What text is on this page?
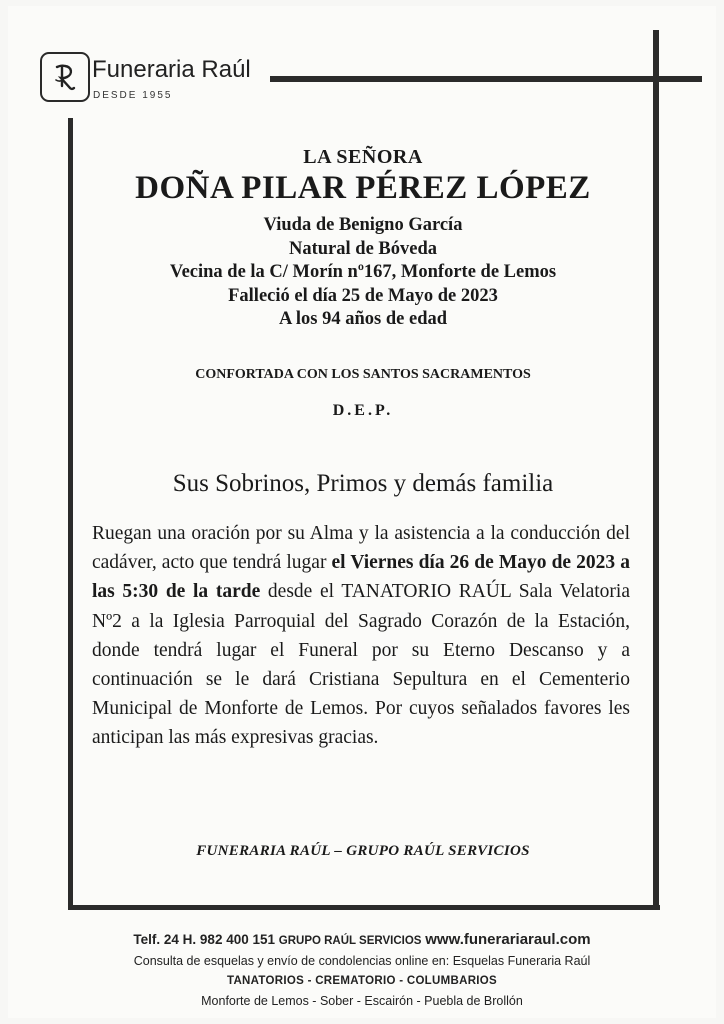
Funeraria Raúl
DESDE 1955
LA SEÑORA
DOÑA PILAR PÉREZ LÓPEZ
Viuda de Benigno García
Natural de Bóveda
Vecina de la C/ Morín nº167, Monforte de Lemos
Falleció el día 25 de Mayo de 2023
A los 94 años de edad
CONFORTADA CON LOS SANTOS SACRAMENTOS
D.E.P.
Sus Sobrinos, Primos y demás familia
Ruegan una oración por su Alma y la asistencia a la conducción del cadáver, acto que tendrá lugar el Viernes día 26 de Mayo de 2023 a las 5:30 de la tarde desde el TANATORIO RAÚL Sala Velatoria Nº2 a la Iglesia Parroquial del Sagrado Corazón de la Estación, donde tendrá lugar el Funeral por su Eterno Descanso y a continuación se le dará Cristiana Sepultura en el Cementerio Municipal de Monforte de Lemos. Por cuyos señalados favores les anticipan las más expresivas gracias.
FUNERARIA RAÚL – GRUPO RAÚL SERVICIOS
Telf. 24 H. 982 400 151 GRUPO RAÚL SERVICIOS www.funerariaraul.com
Consulta de esquelas y envío de condolencias online en: Esquelas Funeraria Raúl
TANATORIOS - CREMATORIO - COLUMBARIOS
Monforte de Lemos - Sober - Escairón - Puebla de Brollón
